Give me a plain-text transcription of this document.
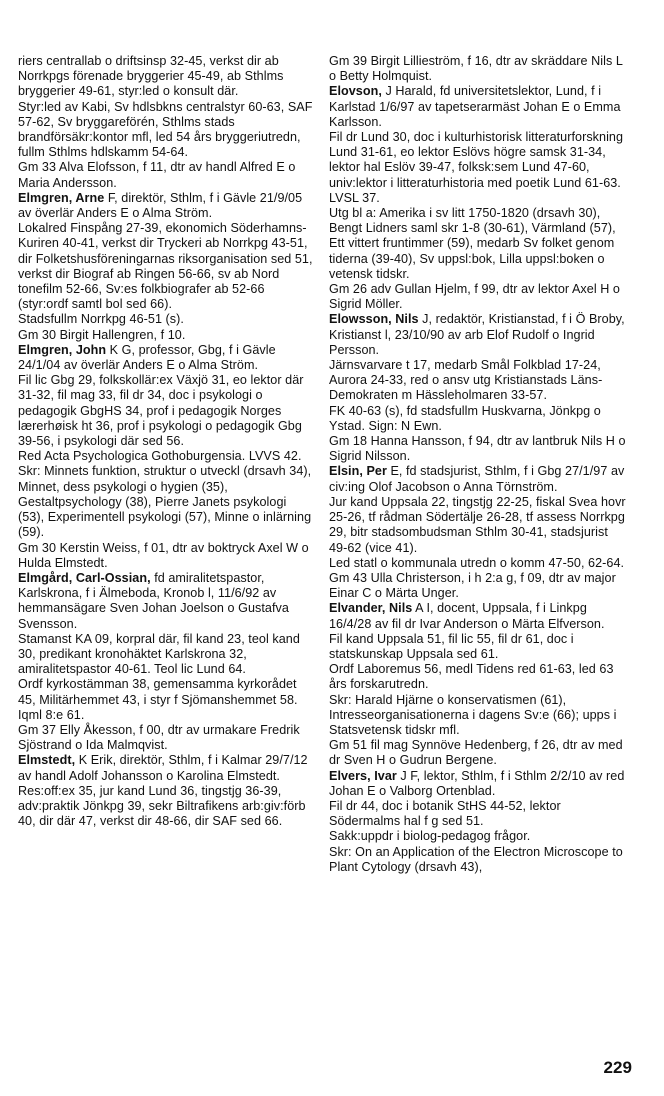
riers centrallab o driftsinsp 32-45, verkst dir ab Norrkpgs förenade bryggerier 45-49, ab Sthlms bryggerier 49-61, styr:led o konsult där.

Styr:led av Kabi, Sv hdlsbkns centralstyr 60-63, SAF 57-62, Sv bryggareförén, Sthlms stads brandförsäkr:kontor mfl, led 54 års bryggeriutredn, fullm Sthlms hdlskamm 54-64.

Gm 33 Alva Elofsson, f 11, dtr av handl Alfred E o Maria Andersson.

Elmgren, Arne F, direktör, Sthlm, f i Gävle 21/9/05 av överlär Anders E o Alma Ström.

Lokalred Finspång 27-39, ekonomich Söderhamns-Kuriren 40-41, verkst dir Tryckeri ab Norrkpg 43-51, dir Folketshusföreningarnas riksorganisation sed 51, verkst dir Biograf ab Ringen 56-66, sv ab Nord tonefilm 52-66, Sv:es folkbiografer ab 52-66 (styr:ordf samtl bol sed 66).

Stadsfullm Norrkpg 46-51 (s).

Gm 30 Birgit Hallengren, f 10.

Elmgren, John K G, professor, Gbg, f i Gävle 24/1/04 av överlär Anders E o Alma Ström.

Fil lic Gbg 29, folkskollär:ex Växjö 31, eo lektor där 31-32, fil mag 33, fil dr 34, doc i psykologi o pedagogik GbgHS 34, prof i pedagogik Norges lærerhøisk ht 36, prof i psykologi o pedagogik Gbg 39-56, i psykologi där sed 56.

Red Acta Psychologica Gothoburgensia. LVVS 42.

Skr: Minnets funktion, struktur o utveckl (drsavh 34), Minnet, dess psykologi o hygien (35), Gestaltpsychology (38), Pierre Janets psykologi (53), Experimentell psykologi (57), Minne o inlärning (59).

Gm 30 Kerstin Weiss, f 01, dtr av boktryck Axel W o Hulda Elmstedt.

Elmgård, Carl-Ossian, fd amiralitetspastor, Karlskrona, f i Älmeboda, Kronob l, 11/6/92 av hemmansägare Sven Johan Joelson o Gustafva Svensson.

Stamanst KA 09, korpral där, fil kand 23, teol kand 30, predikant kronohäktet Karlskrona 32, amiralitetspastor 40-61. Teol lic Lund 64.

Ordf kyrkostämman 38, gemensamma kyrkorådet 45, Militärhemmet 43, i styr f Sjömanshemmet 58.

Iqml 8:e 61.

Gm 37 Elly Åkesson, f 00, dtr av urmakare Fredrik Sjöstrand o Ida Malmqvist.

Elmstedt, K Erik, direktör, Sthlm, f i Kalmar 29/7/12 av handl Adolf Johansson o Karolina Elmstedt.

Res:off:ex 35, jur kand Lund 36, tingstjg 36-39, adv:praktik Jönkpg 39, sekr Biltrafikens arb:giv:förb 40, dir där 47, verkst dir 48-66, dir SAF sed 66.

Gm 39 Birgit Lillieström, f 16, dtr av skräddare Nils L o Betty Holmquist.

Elovson, J Harald, fd universitetslektor, Lund, f i Karlstad 1/6/97 av tapetserarmäst Johan E o Emma Karlsson.

Fil dr Lund 30, doc i kulturhistorisk litteraturforskning Lund 31-61, eo lektor Eslövs högre samsk 31-34, lektor hal Eslöv 39-47, folksk:sem Lund 47-60, univ:lektor i litteraturhistoria med poetik Lund 61-63. LVSL 37.

Utg bl a: Amerika i sv litt 1750-1820 (drsavh 30), Bengt Lidners saml skr 1-8 (30-61), Värmland (57), Ett vittert fruntimmer (59), medarb Sv folket genom tiderna (39-40), Sv uppsl:bok, Lilla uppsl:boken o vetensk tidskr.

Gm 26 adv Gullan Hjelm, f 99, dtr av lektor Axel H o Sigrid Möller.

Elowsson, Nils J, redaktör, Kristianstad, f i Ö Broby, Kristianst l, 23/10/90 av arb Elof Rudolf o Ingrid Persson.

Järnsvarvare t 17, medarb Smål Folkblad 17-24, Aurora 24-33, red o ansv utg Kristianstads Läns-Demokraten m Hässleholmaren 33-57.

FK 40-63 (s), fd stadsfullm Huskvarna, Jönkpg o Ystad. Sign: N Ewn.

Gm 18 Hanna Hansson, f 94, dtr av lantbruk Nils H o Sigrid Nilsson.

Elsin, Per E, fd stadsjurist, Sthlm, f i Gbg 27/1/97 av civ:ing Olof Jacobson o Anna Törnström.

Jur kand Uppsala 22, tingstjg 22-25, fiskal Svea hovr 25-26, tf rådman Södertälje 26-28, tf assess Norrkpg 29, bitr stadsombudsman Sthlm 30-41, stadsjurist 49-62 (vice 41).

Led statl o kommunala utredn o komm 47-50, 62-64.

Gm 43 Ulla Christerson, i h 2:a g, f 09, dtr av major Einar C o Märta Unger.

Elvander, Nils A I, docent, Uppsala, f i Linkpg 16/4/28 av fil dr Ivar Anderson o Märta Elfverson.

Fil kand Uppsala 51, fil lic 55, fil dr 61, doc i statskunskap Uppsala sed 61.

Ordf Laboremus 56, medl Tidens red 61-63, led 63 års forskarutredn.

Skr: Harald Hjärne o konservatismen (61), Intresseorganisationerna i dagens Sv:e (66); upps i Statsvetensk tidskr mfl.

Gm 51 fil mag Synnöve Hedenberg, f 26, dtr av med dr Sven H o Gudrun Bergene.

Elvers, Ivar J F, lektor, Sthlm, f i Sthlm 2/2/10 av red Johan E o Valborg Ortenblad.

Fil dr 44, doc i botanik StHS 44-52, lektor Södermalms hal f g sed 51.

Sakk:uppdr i biolog-pedagog frågor.

Skr: On an Application of the Electron Microscope to Plant Cytology (drsavh 43),

229
